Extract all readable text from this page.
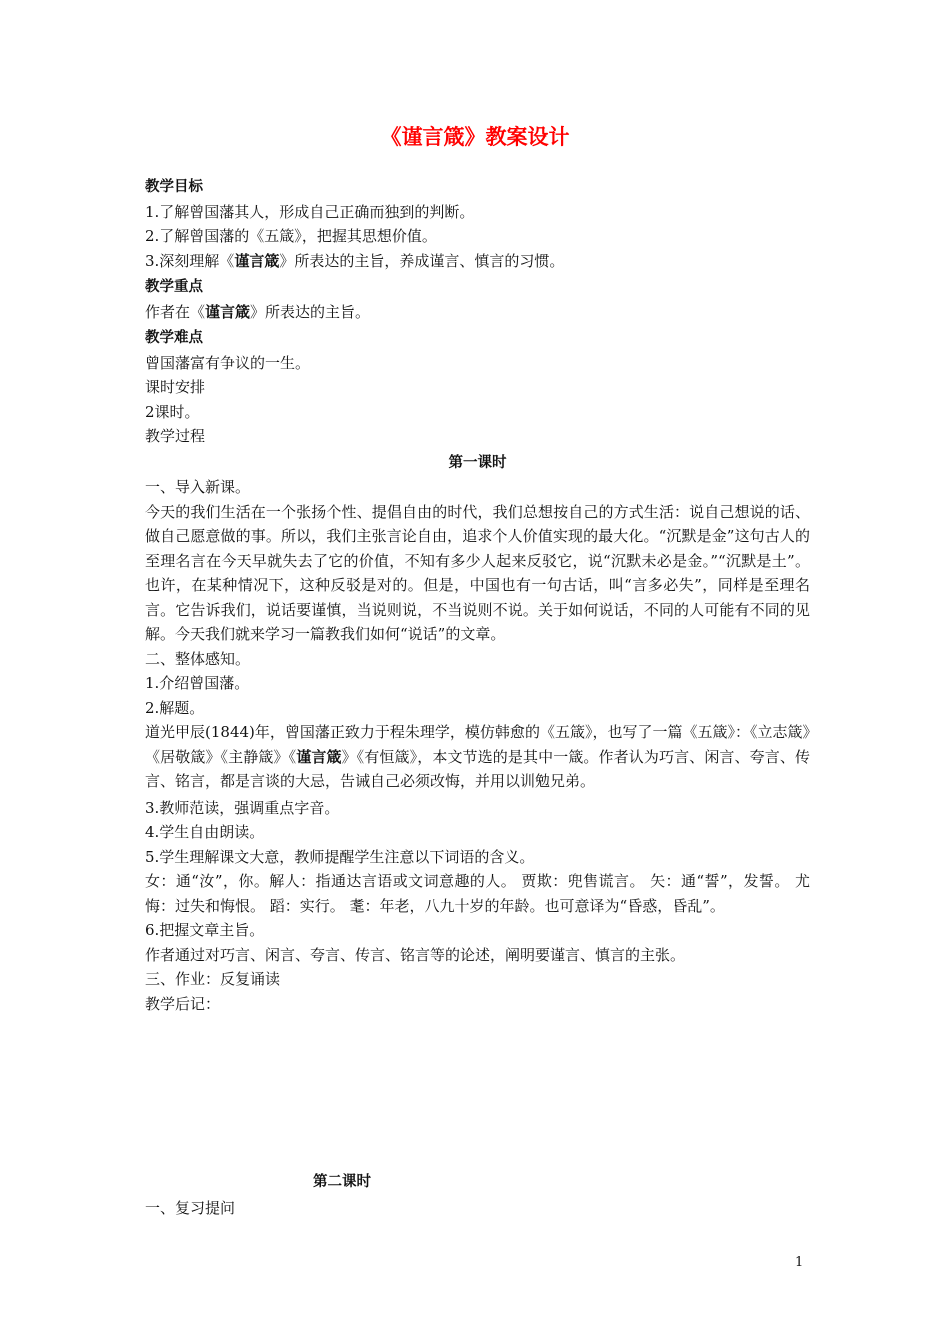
《谨言箴》教案设计

教学目标

1.了解曾国藩其人，形成自己正确而独到的判断。

2.了解曾国藩的《五箴》，把握其思想价值。

3.深刻理解《谨言箴》所表达的主旨，养成谨言、慎言的习惯。

教学重点

作者在《谨言箴》所表达的主旨。

教学难点

曾国藩富有争议的一生。

课时安排

2课时。

教学过程

第一课时

一、导入新课。

今天的我们生活在一个张扬个性、提倡自由的时代，我们总想按自己的方式生活：说自己想说的话、做自己愿意做的事。所以，我们主张言论自由，追求个人价值实现的最大化。“沉默是金”这句古人的至理名言在今天早就失去了它的价值，不知有多少人起来反驳它，说“沉默未必是金。”“沉默是土”。也许，在某种情况下，这种反驳是对的。但是，中国也有一句古话，叫“言多必失”，同样是至理名言。它告诉我们，说话要谨慎，当说则说，不当说则不说。关于如何说话，不同的人可能有不同的见解。今天我们就来学习一篇教我们如何“说话”的文章。

二、整体感知。

1.介绍曾国藩。

2.解题。

道光甲辰(1844)年，曾国藩正致力于程朱理学，模仿韩愈的《五箴》，也写了一篇《五箴》：《立志箴》《居敬箴》《主静箴》《谨言箴》《有恒箴》，本文节选的是其中一箴。作者认为巧言、闲言、夸言、传言、铭言，都是言谈的大忌，告诫自己必须改悔，并用以训勉兄弟。

3.教师范读，强调重点字音。

4.学生自由朗读。

5.学生理解课文大意，教师提醒学生注意以下词语的含义。

女：通“汝”，你。解人：指通达言语或文词意趣的人。 贾欺：兜售谎言。 矢：通“誓”，发誓。 尤悔：过失和悔恨。 蹈：实行。 耄：年老，八九十岁的年龄。也可意译为“昏惑，昏乱”。

6.把握文章主旨。

作者通过对巧言、闲言、夸言、传言、铭言等的论述，阐明要谨言、慎言的主张。

三、作业：反复诵读

教学后记：

第二课时
一、复习提问
1
